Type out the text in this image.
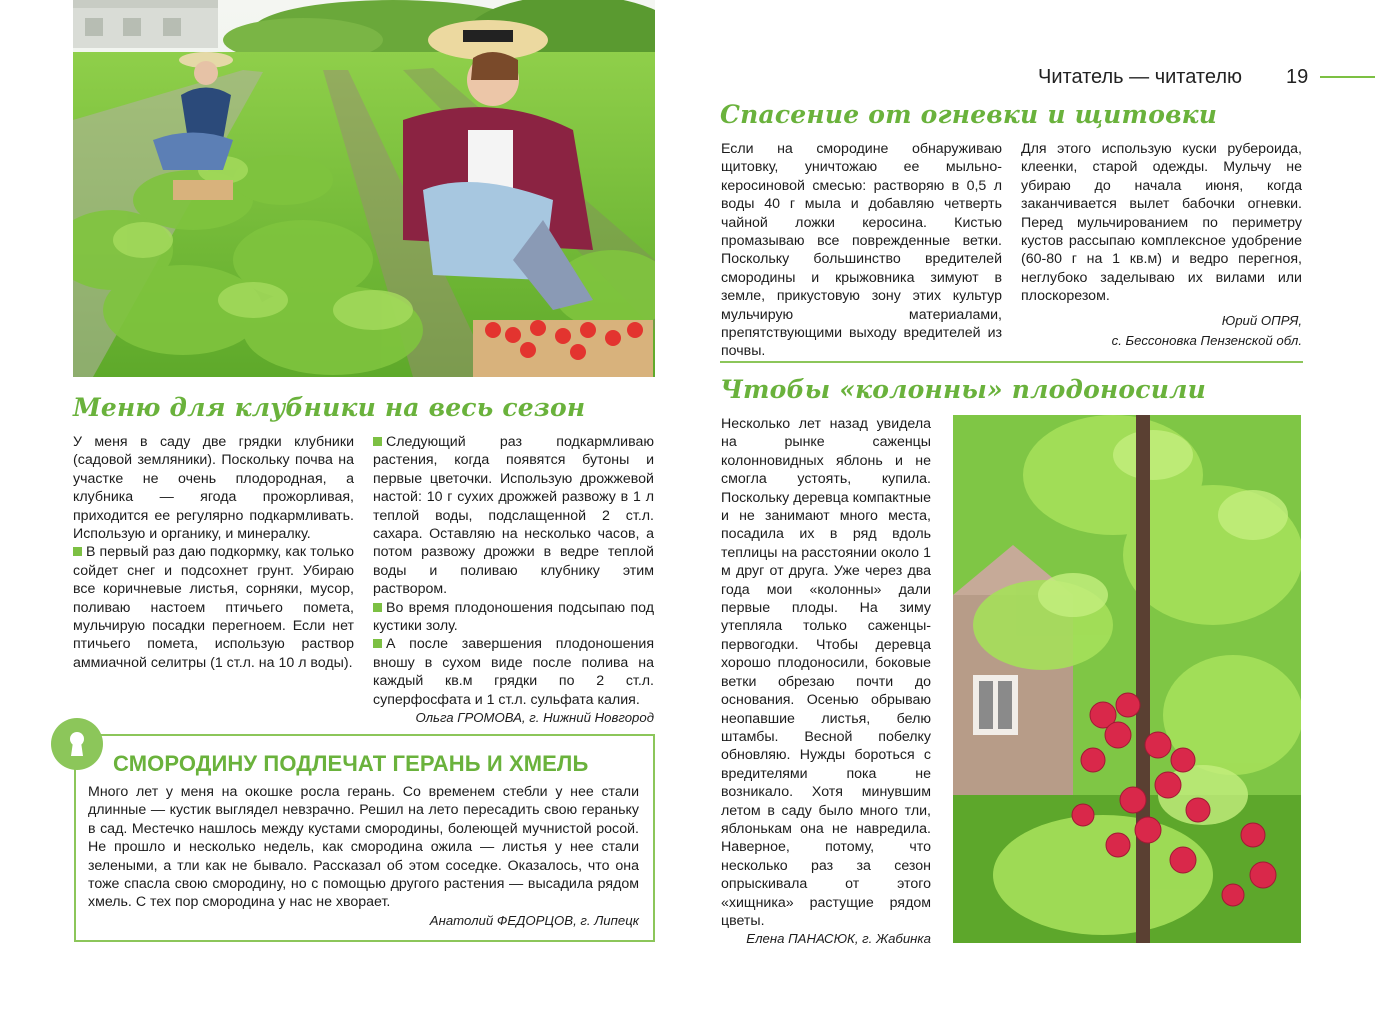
Читатель — читателю 19
Спасение от огневки и щитовки

Если на смородине обнаруживаю щитовку, уничтожаю ее мыльно-керосиновой смесью: растворяю в 0,5 л воды 40 г мыла и добавляю четверть чайной ложки керосина. Кистью промазываю все поврежденные ветки. Поскольку большинство вредителей смородины и крыжовника зимуют в земле, прикустовую зону этих культур мульчирую материалами, препятствующими выходу вредителей из почвы.

Для этого использую куски рубероида, клеенки, старой одежды. Мульчу не убираю до начала июня, когда заканчивается вылет бабочки огневки. Перед мульчированием по периметру кустов рассыпаю комплексное удобрение (60-80 г на 1 кв.м) и ведро перегноя, неглубоко заделываю их вилами или плоскорезом.

Юрий ОПРЯ,
с. Бессоновка Пензенской обл.
Чтобы «колонны» плодоносили

Несколько лет назад увидела на рынке саженцы колонновидных яблонь и не смогла устоять, купила. Поскольку деревца компактные и не занимают много места, посадила их в ряд вдоль теплицы на расстоянии около 1 м друг от друга. Уже через два года мои «колонны» дали первые плоды. На зиму утепляла только саженцы-первогодки. Чтобы деревца хорошо плодоносили, боковые ветки обрезаю почти до основания. Осенью обрываю неопавшие листья, белю штамбы. Весной побелку обновляю. Нужды бороться с вредителями пока не возникало. Хотя минувшим летом в саду было много тли, яблонькам она не навредила. Наверное, потому, что несколько раз за сезон опрыскивала от этого «хищника» растущие рядом цветы.

Елена ПАНАСЮК, г. Жабинка
Меню для клубники на весь сезон

У меня в саду две грядки клубники (садовой земляники). Поскольку почва на участке не очень плодородная, а клубника — ягода прожорливая, приходится ее регулярно подкармливать. Использую и органику, и минералку.

В первый раз даю подкормку, как только сойдет снег и подсохнет грунт. Убираю все коричневые листья, сорняки, мусор, поливаю настоем птичьего помета, мульчирую посадки перегноем. Если нет птичьего помета, использую раствор аммиачной селитры (1 ст.л. на 10 л воды).

Следующий раз подкармливаю растения, когда появятся бутоны и первые цветочки. Использую дрожжевой настой: 10 г сухих дрожжей развожу в 1 л теплой воды, подслащенной 2 ст.л. сахара. Оставляю на несколько часов, а потом развожу дрожжи в ведре теплой воды и поливаю клубнику этим раствором.

Во время плодоношения подсыпаю под кустики золу.

А после завершения плодоношения вношу в сухом виде после полива на каждый кв.м грядки по 2 ст.л. суперфосфата и 1 ст.л. сульфата калия.

Ольга ГРОМОВА, г. Нижний Новгород
СМОРОДИНУ ПОДЛЕЧАТ ГЕРАНЬ И ХМЕЛЬ

Много лет у меня на окошке росла герань. Со временем стебли у нее стали длинные — кустик выглядел невзрачно. Решил на лето пересадить свою гераньку в сад. Местечко нашлось между кустами смородины, болеющей мучнистой росой. Не прошло и несколько недель, как смородина ожила — листья у нее стали зелеными, а тли как не бывало. Рассказал об этом соседке. Оказалось, что она тоже спасла свою смородину, но с помощью другого растения — высадила рядом хмель. С тех пор смородина у нас не хворает.

Анатолий ФЕДОРЦОВ, г. Липецк
